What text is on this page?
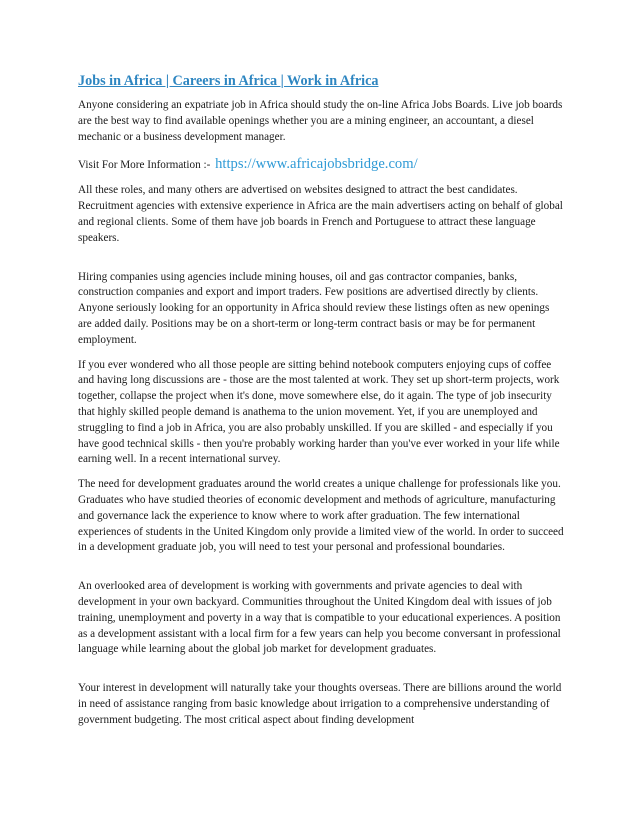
Jobs in Africa | Careers in Africa | Work in Africa

Anyone considering an expatriate job in Africa should study the on-line Africa Jobs Boards. Live job boards are the best way to find available openings whether you are a mining engineer, an accountant, a diesel mechanic or a business development manager.

Visit For More Information :- https://www.africajobsbridge.com/

All these roles, and many others are advertised on websites designed to attract the best candidates. Recruitment agencies with extensive experience in Africa are the main advertisers acting on behalf of global and regional clients. Some of them have job boards in French and Portuguese to attract these language speakers.

Hiring companies using agencies include mining houses, oil and gas contractor companies, banks, construction companies and export and import traders. Few positions are advertised directly by clients. Anyone seriously looking for an opportunity in Africa should review these listings often as new openings are added daily. Positions may be on a short-term or long-term contract basis or may be for permanent employment.

If you ever wondered who all those people are sitting behind notebook computers enjoying cups of coffee and having long discussions are - those are the most talented at work. They set up short-term projects, work together, collapse the project when it's done, move somewhere else, do it again. The type of job insecurity that highly skilled people demand is anathema to the union movement. Yet, if you are unemployed and struggling to find a job in Africa, you are also probably unskilled. If you are skilled - and especially if you have good technical skills - then you're probably working harder than you've ever worked in your life while earning well. In a recent international survey.

The need for development graduates around the world creates a unique challenge for professionals like you. Graduates who have studied theories of economic development and methods of agriculture, manufacturing and governance lack the experience to know where to work after graduation. The few international experiences of students in the United Kingdom only provide a limited view of the world. In order to succeed in a development graduate job, you will need to test your personal and professional boundaries.

An overlooked area of development is working with governments and private agencies to deal with development in your own backyard. Communities throughout the United Kingdom deal with issues of job training, unemployment and poverty in a way that is compatible to your educational experiences. A position as a development assistant with a local firm for a few years can help you become conversant in professional language while learning about the global job market for development graduates.

Your interest in development will naturally take your thoughts overseas. There are billions around the world in need of assistance ranging from basic knowledge about irrigation to a comprehensive understanding of government budgeting. The most critical aspect about finding development
